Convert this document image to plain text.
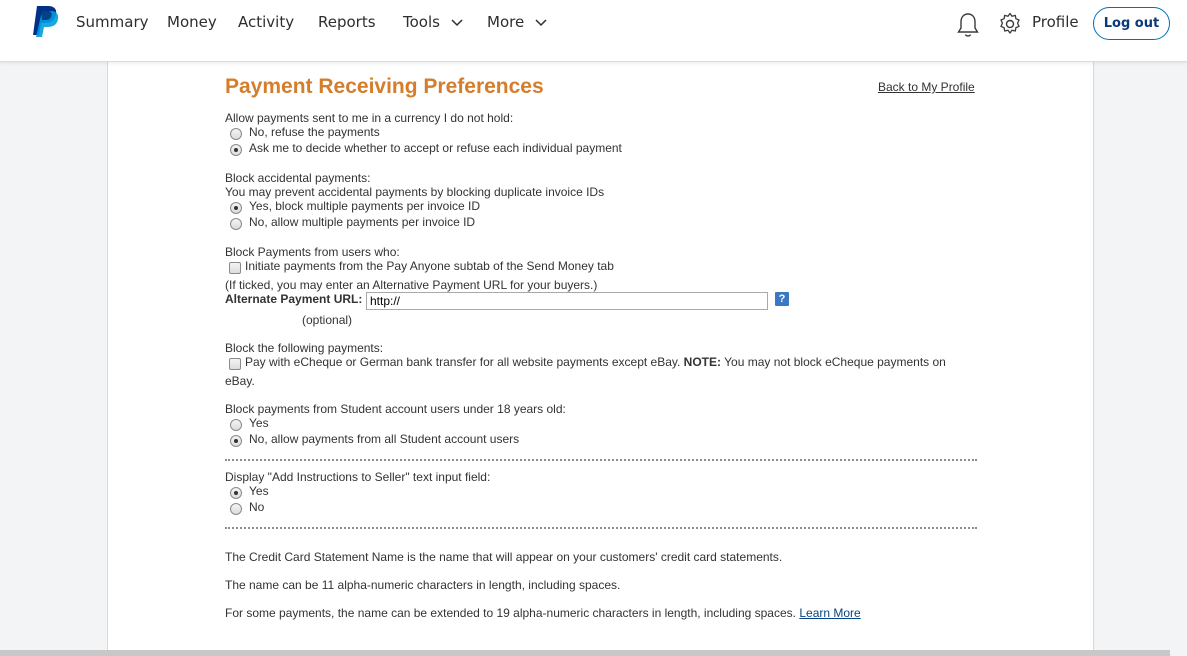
Summary Money Activity Reports Tools	More	Profile	Log out
Payment Receiving Preferences	Back to My Profile
Allow payments sent to me in a currency I do not hold:
No, refuse the payments
Ask me to decide whether to accept or refuse each individual payment
Block accidental payments:
You may prevent accidental payments by blocking duplicate invoice IDs
Yes, block multiple payments per invoice ID
No, allow multiple payments per invoice ID
Block Payments from users who:
Initiate payments from the Pay Anyone subtab of the Send Money tab
(If ticked, you may enter an Alternative Payment URL for your buyers.)
Alternate Payment URL:
http://	?
(optional)
Block the following payments:
Pay with eCheque or German bank transfer for all website payments except eBay. NOTE: You may not block eCheque payments on
eBay.
Block payments from Student account users under 18 years old:
Yes
No, allow payments from all Student account users
Display "Add Instructions to Seller" text input field:
Yes
No
The Credit Card Statement Name is the name that will appear on your customers' credit card statements.
The name can be 11 alpha-numeric characters in length, including spaces.
For some payments, the name can be extended to 19 alpha-numeric characters in length, including spaces. Learn More
